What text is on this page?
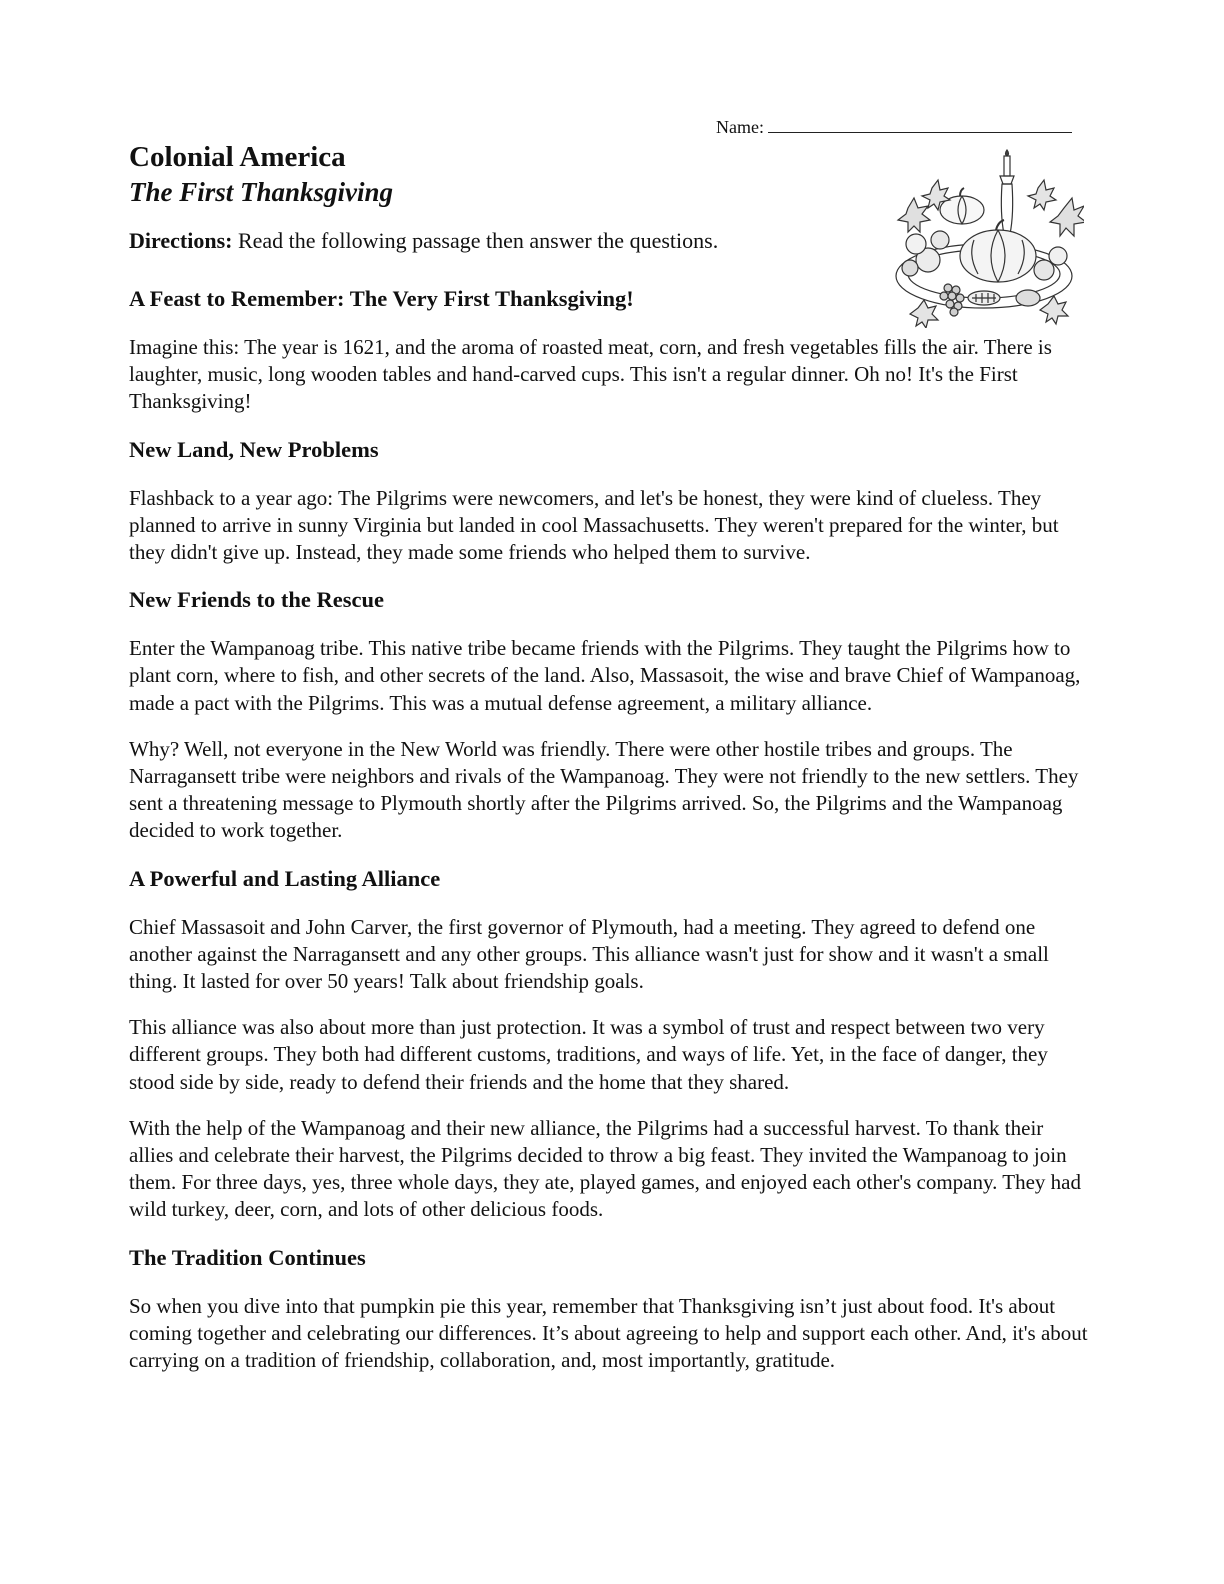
Name:
Colonial America
The First Thanksgiving
Directions: Read the following passage then answer the questions.
A Feast to Remember: The Very First Thanksgiving!

Imagine this: The year is 1621, and the aroma of roasted meat, corn, and fresh vegetables fills the air. There is laughter, music, long wooden tables and hand-carved cups. This isn't a regular dinner. Oh no! It's the First Thanksgiving!

New Land, New Problems

Flashback to a year ago: The Pilgrims were newcomers, and let's be honest, they were kind of clueless. They planned to arrive in sunny Virginia but landed in cool Massachusetts. They weren't prepared for the winter, but they didn't give up. Instead, they made some friends who helped them to survive.

New Friends to the Rescue

Enter the Wampanoag tribe. This native tribe became friends with the Pilgrims. They taught the Pilgrims how to plant corn, where to fish, and other secrets of the land. Also, Massasoit, the wise and brave Chief of Wampanoag, made a pact with the Pilgrims. This was a mutual defense agreement, a military alliance.

Why? Well, not everyone in the New World was friendly. There were other hostile tribes and groups. The Narragansett tribe were neighbors and rivals of the Wampanoag. They were not friendly to the new settlers. They sent a threatening message to Plymouth shortly after the Pilgrims arrived. So, the Pilgrims and the Wampanoag decided to work together.

A Powerful and Lasting Alliance

Chief Massasoit and John Carver, the first governor of Plymouth, had a meeting. They agreed to defend one another against the Narragansett and any other groups. This alliance wasn't just for show and it wasn't a small thing. It lasted for over 50 years! Talk about friendship goals.

This alliance was also about more than just protection. It was a symbol of trust and respect between two very different groups. They both had different customs, traditions, and ways of life. Yet, in the face of danger, they stood side by side, ready to defend their friends and the home that they shared.

With the help of the Wampanoag and their new alliance, the Pilgrims had a successful harvest. To thank their allies and celebrate their harvest, the Pilgrims decided to throw a big feast. They invited the Wampanoag to join them. For three days, yes, three whole days, they ate, played games, and enjoyed each other's company. They had wild turkey, deer, corn, and lots of other delicious foods.

The Tradition Continues

So when you dive into that pumpkin pie this year, remember that Thanksgiving isn’t just about food. It's about coming together and celebrating our differences. It’s about agreeing to help and support each other. And, it's about carrying on a tradition of friendship, collaboration, and, most importantly, gratitude.
